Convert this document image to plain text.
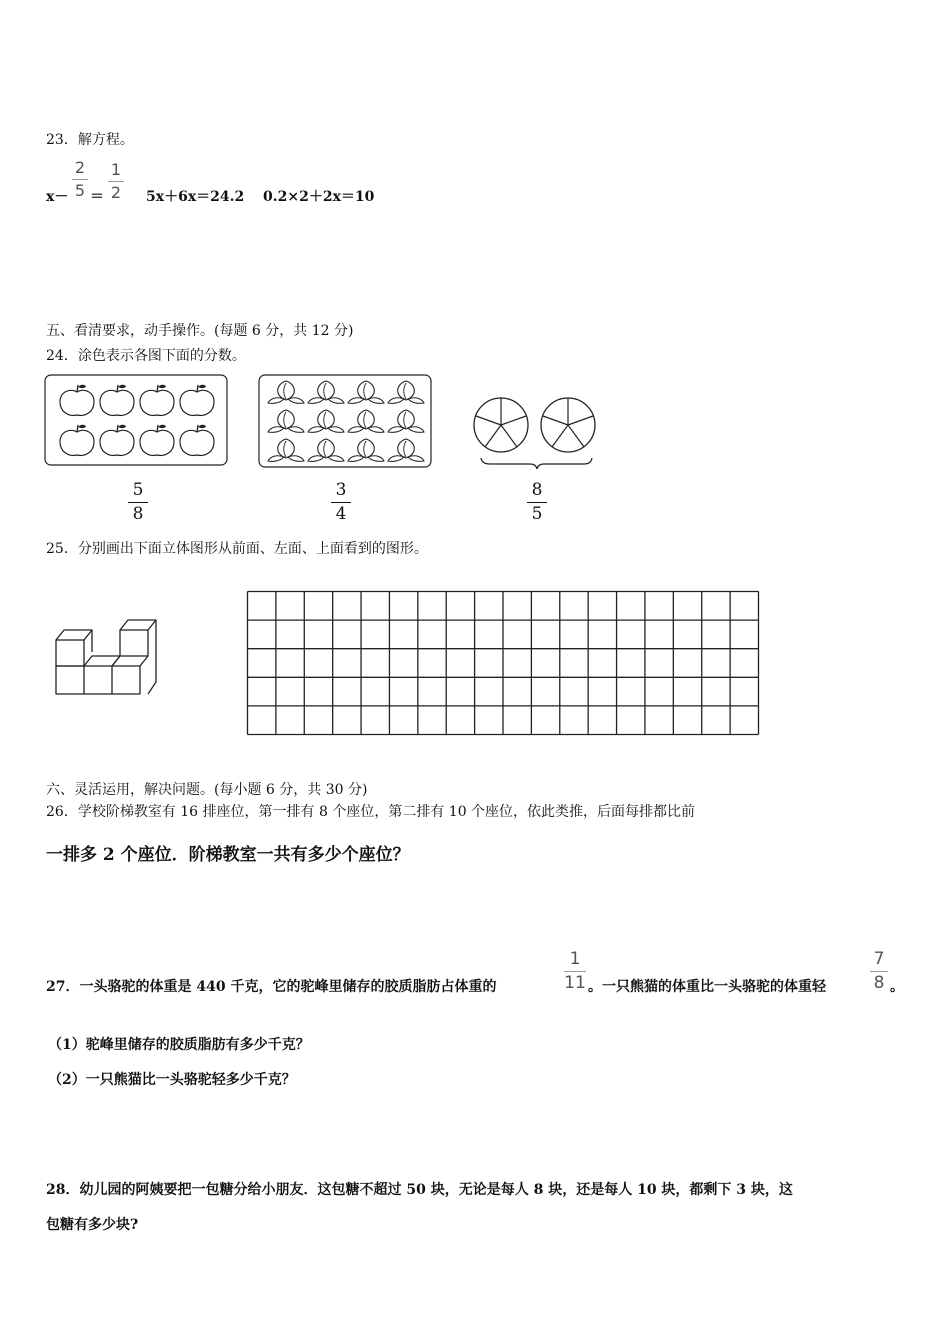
23．解方程。
x－
2
5 ＝
1
2 5x＋6x＝24.2 0.2×2＋2x＝10
五、看清要求，动手操作。(每题 6 分，共 12 分)
24．涂色表示各图下面的分数。
5
8
3
4
8
5
25．分别画出下面立体图形从前面、左面、上面看到的图形。
六、灵活运用，解决问题。(每小题 6 分，共 30 分)
26．学校阶梯教室有 16 排座位，第一排有 8 个座位，第二排有 10 个座位，依此类推，后面每排都比前
一排多 2 个座位．阶梯教室一共有多少个座位？
27．一头骆驼的体重是 440 千克，它的驼峰里储存的胶质脂肪占体重的
1
11 。一只熊猫的体重比一头骆驼的体重轻
7
8 。
（1）驼峰里储存的胶质脂肪有多少千克？
（2）一只熊猫比一头骆驼轻多少千克？
28．幼儿园的阿姨要把一包糖分给小朋友．这包糖不超过 50 块，无论是每人 8 块，还是每人 10 块，都剩下 3 块，这
包糖有多少块?
